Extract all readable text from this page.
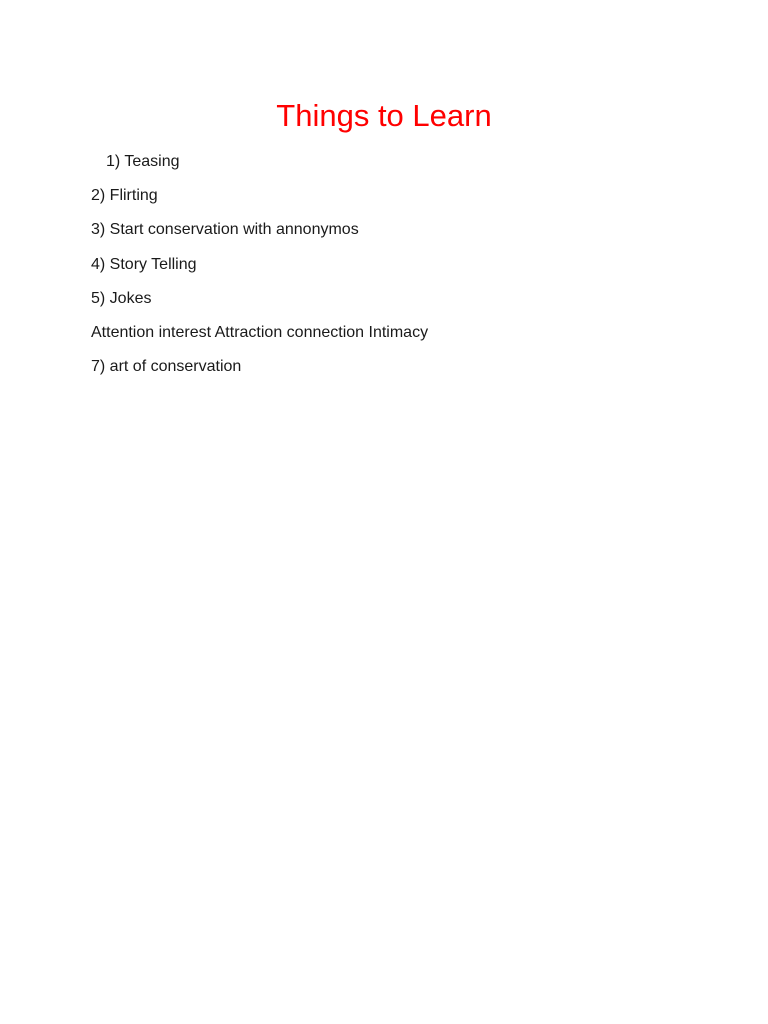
Things to Learn
1) Teasing
2) Flirting
3) Start conservation with annonymos
4) Story Telling
5) Jokes
Attention interest Attraction connection Intimacy
7) art of conservation
